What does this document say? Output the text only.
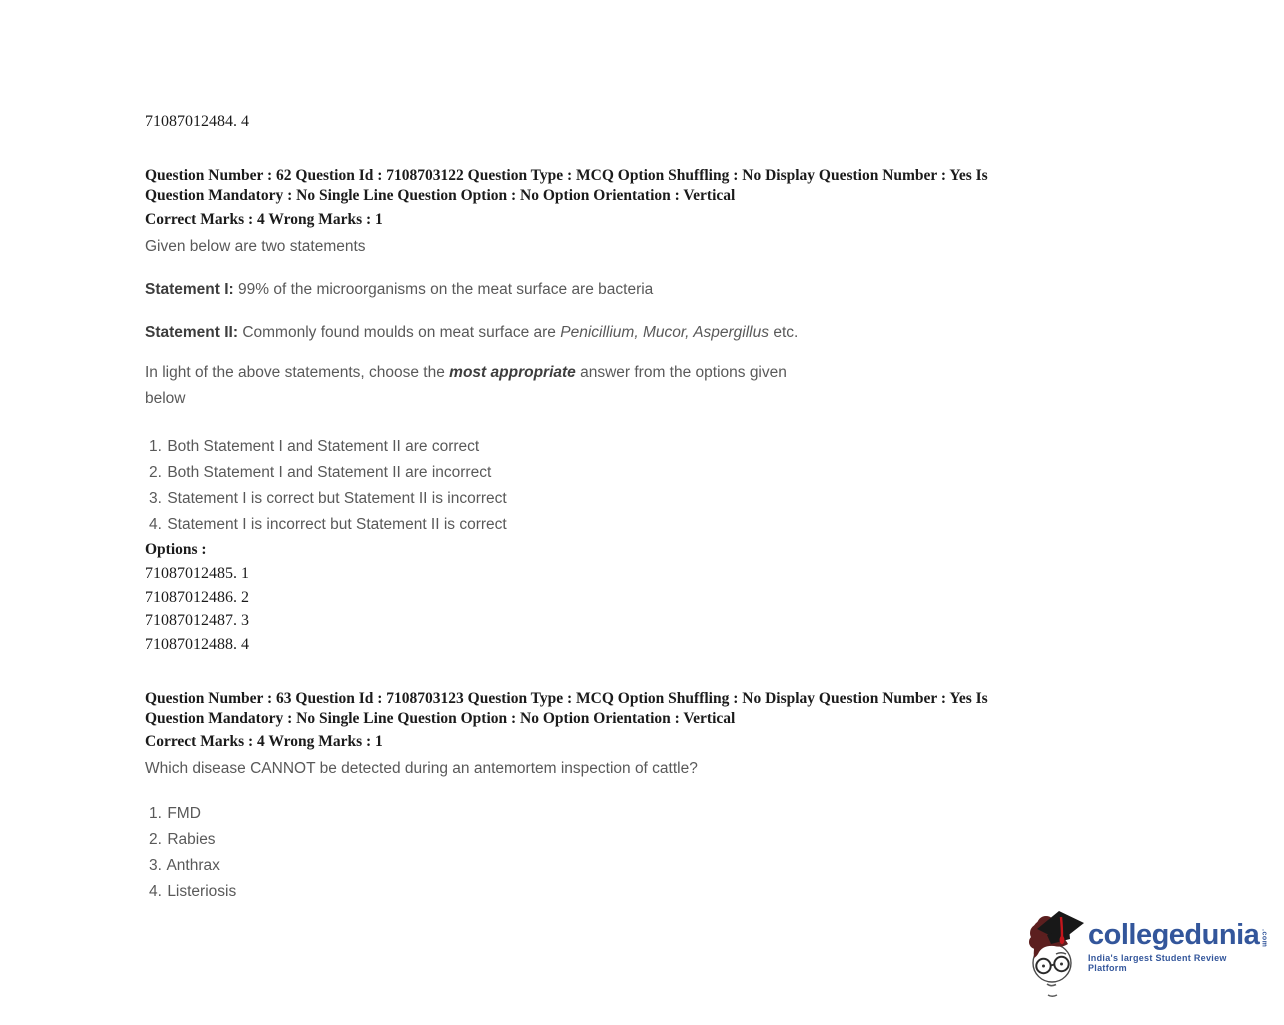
71087012484. 4
Question Number : 62 Question Id : 7108703122 Question Type : MCQ Option Shuffling : No Display Question Number : Yes Is
Question Mandatory : No Single Line Question Option : No Option Orientation : Vertical
Correct Marks : 4 Wrong Marks : 1
Given below are two statements
Statement I: 99% of the microorganisms on the meat surface are bacteria
Statement II: Commonly found moulds on meat surface are Penicillium, Mucor, Aspergillus etc.
In light of the above statements, choose the most appropriate answer from the options given
below
1. Both Statement I and Statement II are correct
2. Both Statement I and Statement II are incorrect
3. Statement I is correct but Statement II is incorrect
4. Statement I is incorrect but Statement II is correct
Options :
71087012485. 1
71087012486. 2
71087012487. 3
71087012488. 4
Question Number : 63 Question Id : 7108703123 Question Type : MCQ Option Shuffling : No Display Question Number : Yes Is
Question Mandatory : No Single Line Question Option : No Option Orientation : Vertical
Correct Marks : 4 Wrong Marks : 1
Which disease CANNOT be detected during an antemortem inspection of cattle?
1. FMD
2. Rabies
3. Anthrax
4. Listeriosis
collegedunia .com
India's largest Student Review Platform
